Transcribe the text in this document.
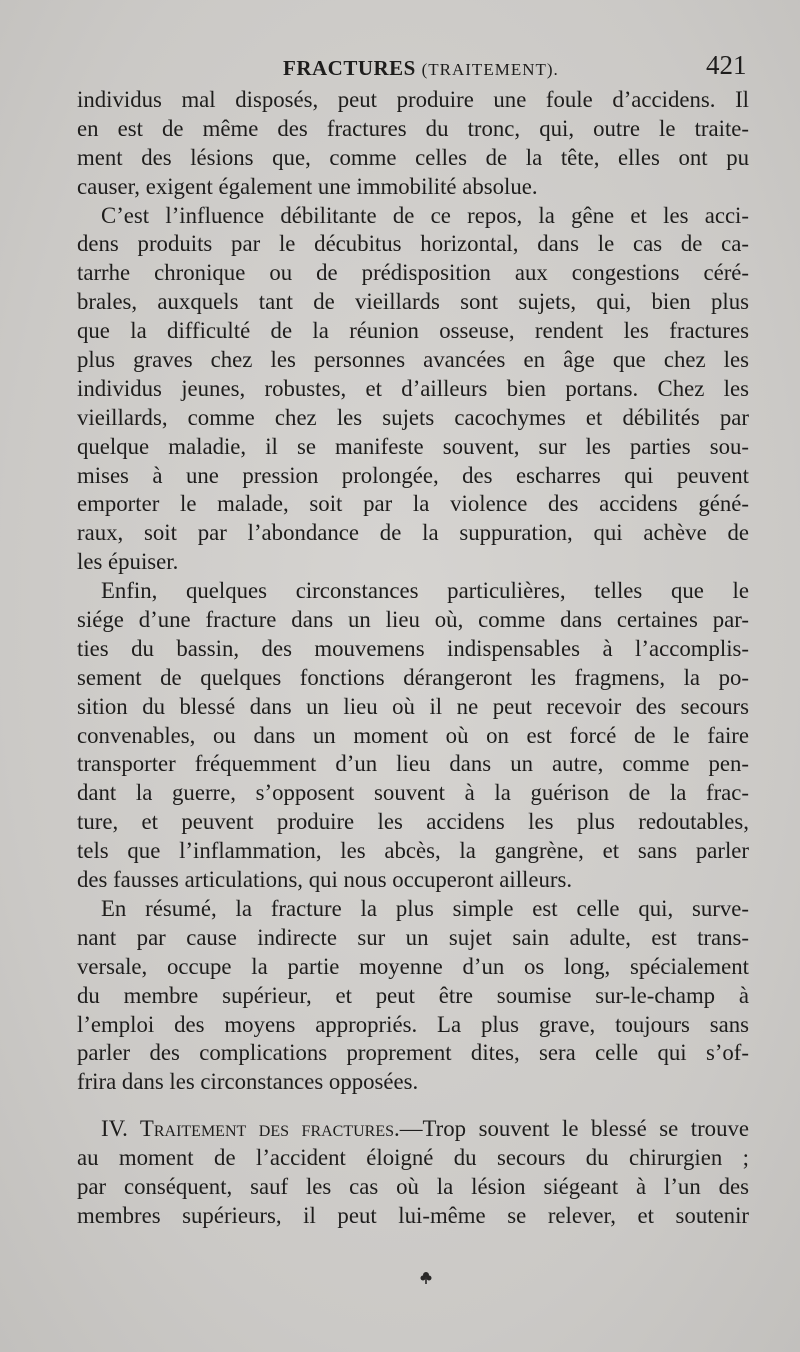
FRACTURES (TRAITEMENT).	421
individus mal disposés, peut produire une foule d’accidens. Il
en est de même des fractures du tronc, qui, outre le traite-
ment des lésions que, comme celles de la tête, elles ont pu
causer, exigent également une immobilité absolue.
C’est l’influence débilitante de ce repos, la gêne et les acci-
dens produits par le décubitus horizontal, dans le cas de ca-
tarrhe chronique ou de prédisposition aux congestions céré-
brales, auxquels tant de vieillards sont sujets, qui, bien plus
que la difficulté de la réunion osseuse, rendent les fractures
plus graves chez les personnes avancées en âge que chez les
individus jeunes, robustes, et d’ailleurs bien portans. Chez les
vieillards, comme chez les sujets cacochymes et débilités par
quelque maladie, il se manifeste souvent, sur les parties sou-
mises à une pression prolongée, des escharres qui peuvent
emporter le malade, soit par la violence des accidens géné-
raux, soit par l’abondance de la suppuration, qui achève de
les épuiser.
Enfin, quelques circonstances particulières, telles que le
siége d’une fracture dans un lieu où, comme dans certaines par-
ties du bassin, des mouvemens indispensables à l’accomplis-
sement de quelques fonctions dérangeront les fragmens, la po-
sition du blessé dans un lieu où il ne peut recevoir des secours
convenables, ou dans un moment où on est forcé de le faire
transporter fréquemment d’un lieu dans un autre, comme pen-
dant la guerre, s’opposent souvent à la guérison de la frac-
ture, et peuvent produire les accidens les plus redoutables,
tels que l’inflammation, les abcès, la gangrène, et sans parler
des fausses articulations, qui nous occuperont ailleurs.
En résumé, la fracture la plus simple est celle qui, surve-
nant par cause indirecte sur un sujet sain adulte, est trans-
versale, occupe la partie moyenne d’un os long, spécialement
du membre supérieur, et peut être soumise sur-le-champ à
l’emploi des moyens appropriés. La plus grave, toujours sans
parler des complications proprement dites, sera celle qui s’of-
frira dans les circonstances opposées.
IV. Traitement des fractures.—Trop souvent le blessé se trouve
au moment de l’accident éloigné du secours du chirurgien ;
par conséquent, sauf les cas où la lésion siégeant à l’un des
membres supérieurs, il peut lui-même se relever, et soutenir
